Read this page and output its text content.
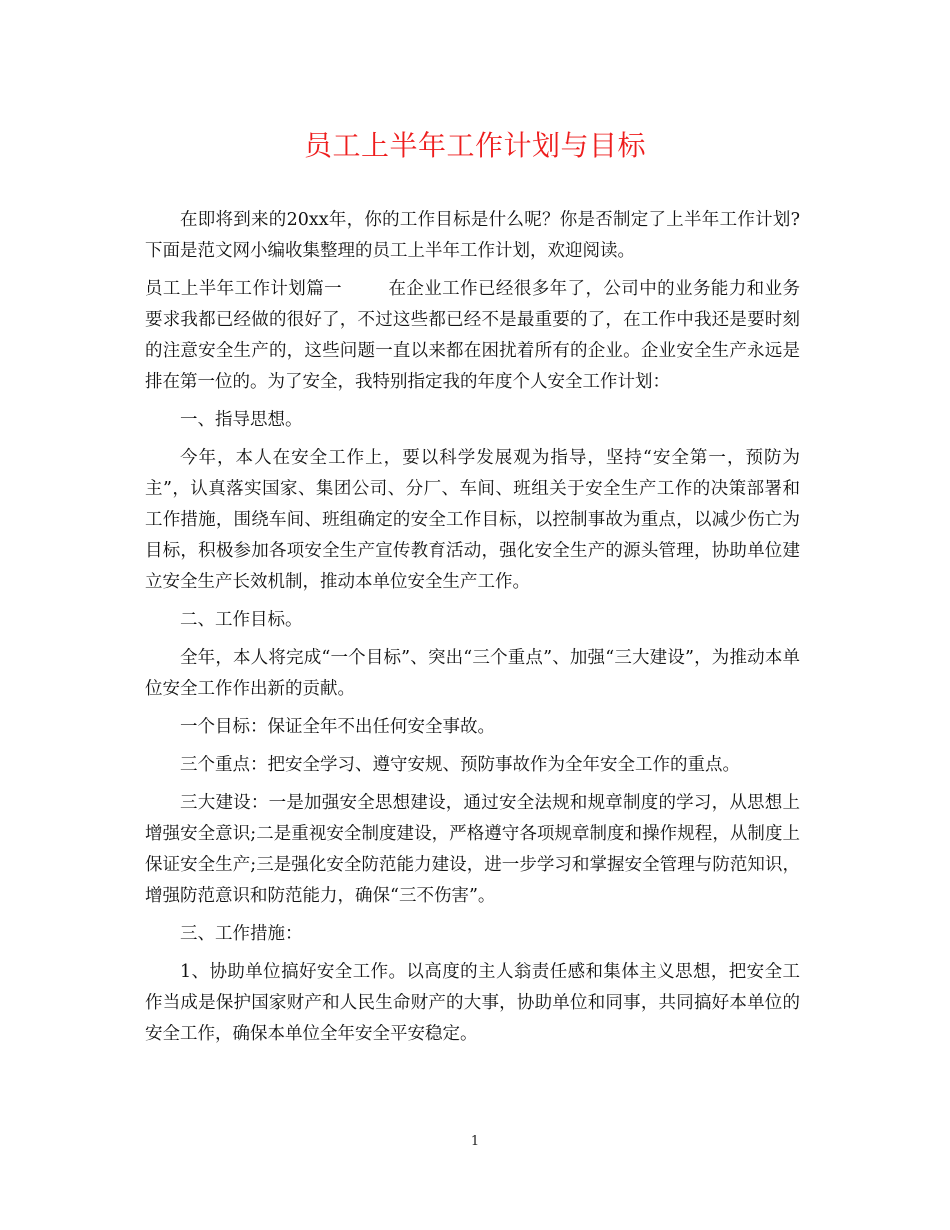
员工上半年工作计划与目标

在即将到来的20xx年，你的工作目标是什么呢？你是否制定了上半年工作计划?下面是范文网小编收集整理的员工上半年工作计划，欢迎阅读。

员工上半年工作计划篇一	在企业工作已经很多年了，公司中的业务能力和业务要求我都已经做的很好了，不过这些都已经不是最重要的了，在工作中我还是要时刻的注意安全生产的，这些问题一直以来都在困扰着所有的企业。企业安全生产永远是排在第一位的。为了安全，我特别指定我的年度个人安全工作计划：

一、指导思想。

今年，本人在安全工作上，要以科学发展观为指导，坚持“安全第一，预防为主”，认真落实国家、集团公司、分厂、车间、班组关于安全生产工作的决策部署和工作措施，围绕车间、班组确定的安全工作目标，以控制事故为重点，以减少伤亡为目标，积极参加各项安全生产宣传教育活动，强化安全生产的源头管理，协助单位建立安全生产长效机制，推动本单位安全生产工作。

二、工作目标。

全年，本人将完成“一个目标”、突出“三个重点”、加强“三大建设”，为推动本单位安全工作作出新的贡献。

一个目标：保证全年不出任何安全事故。

三个重点：把安全学习、遵守安规、预防事故作为全年安全工作的重点。

三大建设：一是加强安全思想建设，通过安全法规和规章制度的学习，从思想上增强安全意识;二是重视安全制度建设，严格遵守各项规章制度和操作规程，从制度上保证安全生产;三是强化安全防范能力建设，进一步学习和掌握安全管理与防范知识，增强防范意识和防范能力，确保“三不伤害”。

三、工作措施：

1、协助单位搞好安全工作。以高度的主人翁责任感和集体主义思想，把安全工作当成是保护国家财产和人民生命财产的大事，协助单位和同事，共同搞好本单位的安全工作，确保本单位全年安全平安稳定。

1
